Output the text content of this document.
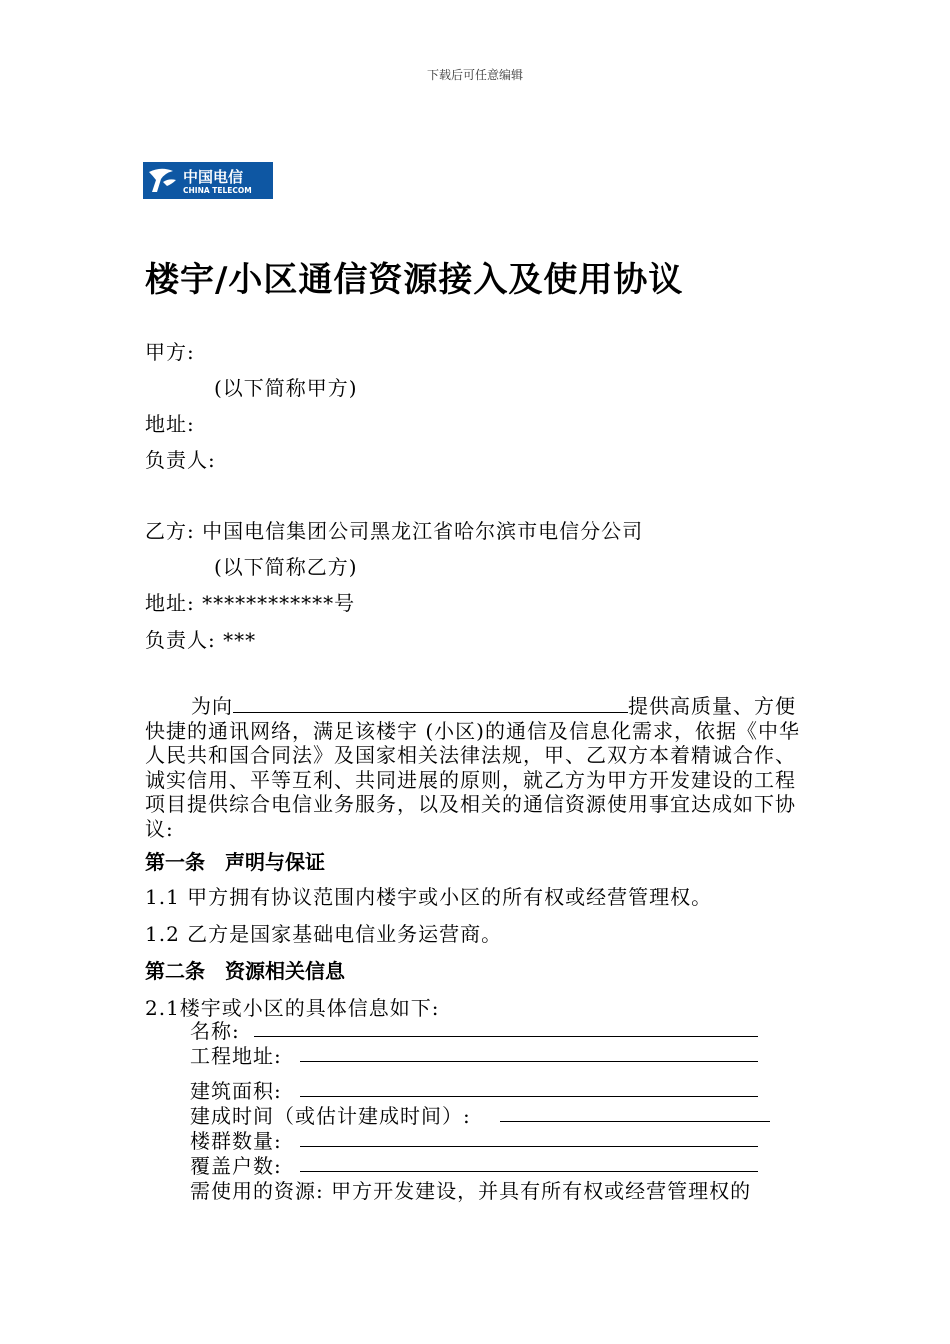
下载后可任意编辑
中国电信
CHINA TELECOM
楼宇/小区通信资源接入及使用协议
甲方:
(以下简称甲方)
地址:
负责人:
乙方: 中国电信集团公司黑龙江省哈尔滨市电信分公司
(以下简称乙方)
地址: ************号
负责人: ***
为向	提供高质量、方便
快捷的通讯网络，满足该楼宇 (小区)的通信及信息化需求，依据《中华人民共和国合同法》及国家相关法律法规，甲、乙双方本着精诚合作、诚实信用、平等互利、共同进展的原则，就乙方为甲方开发建设的工程项目提供综合电信业务服务，以及相关的通信资源使用事宜达成如下协议:
第一条　声明与保证
1.1 甲方拥有协议范围内楼宇或小区的所有权或经营管理权。
1.2 乙方是国家基础电信业务运营商。
第二条　资源相关信息
2.1楼宇或小区的具体信息如下:
名称:
工程地址:
建筑面积:
建成时间（或估计建成时间）:
楼群数量:
覆盖户数:
需使用的资源: 甲方开发建设，并具有所有权或经营管理权的
